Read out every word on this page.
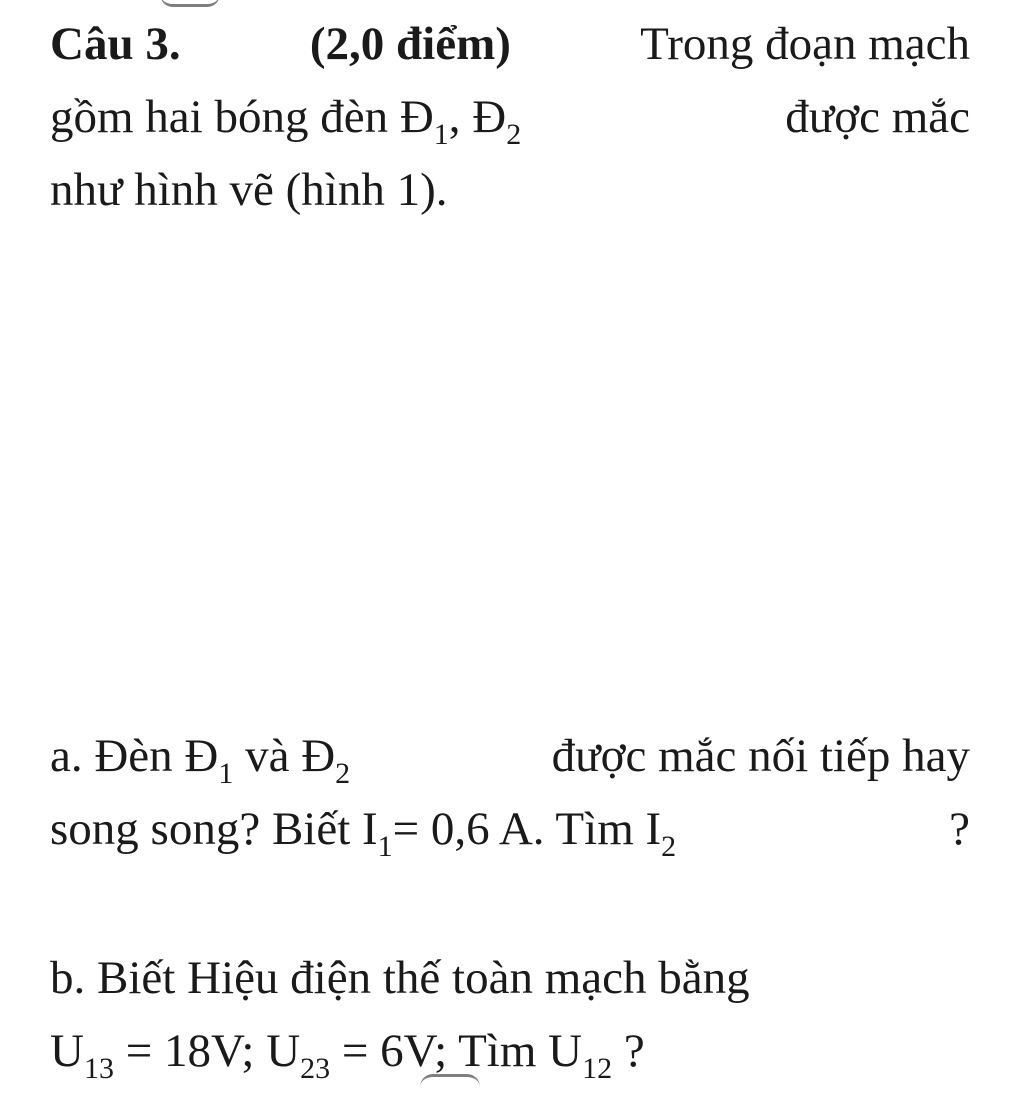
Câu 3.	(2,0 điểm)	Trong đoạn mạch
gồm hai bóng đèn $Đ_1$, $Đ_2$	được mắc
như hình vẽ (hình 1).
a. Đèn $Đ_1$ và $Đ_2$	được mắc nối tiếp hay
song song? Biết $I_1= 0,6$ A. Tìm $I_2$	?
b. Biết Hiệu điện thế toàn mạch bằng
$U_{13} = 18V$; $U_{23} = 6V$; Tìm $U_{12}$ ?
